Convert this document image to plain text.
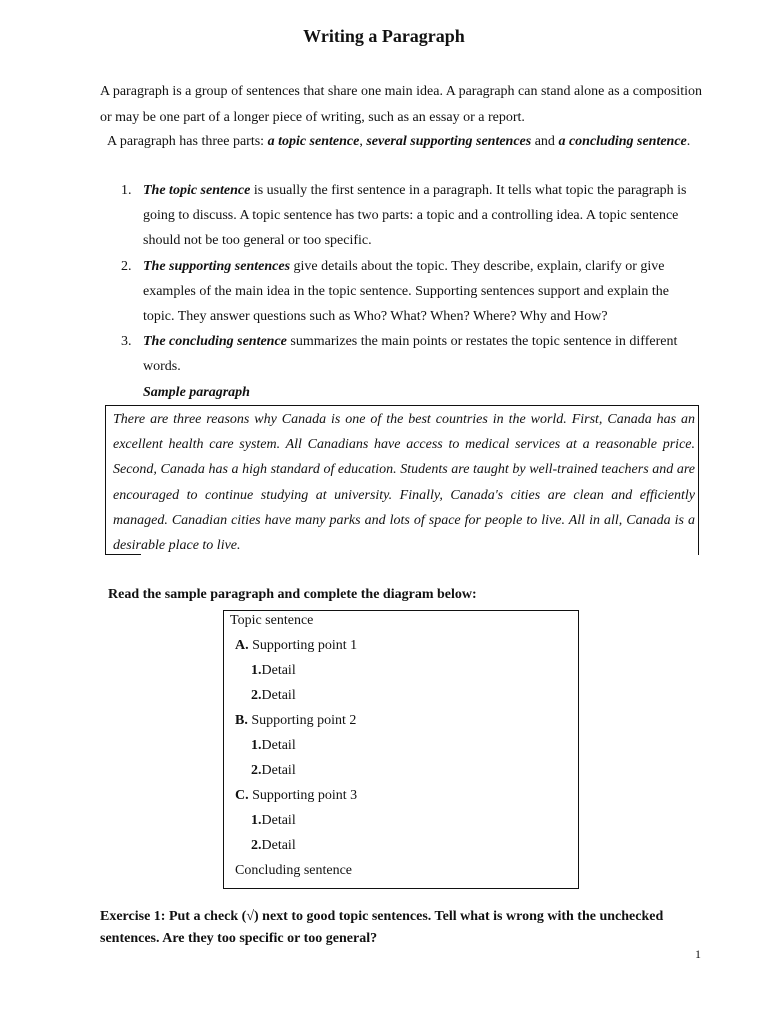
Writing a Paragraph
A paragraph is a group of sentences that share one main idea. A paragraph can stand alone as a composition or may be one part of a longer piece of writing, such as an essay or a report.
A paragraph has three parts: a topic sentence, several supporting sentences and a concluding sentence.
1. The topic sentence is usually the first sentence in a paragraph. It tells what topic the paragraph is going to discuss. A topic sentence has two parts: a topic and a controlling idea. A topic sentence should not be too general or too specific.
2. The supporting sentences give details about the topic. They describe, explain, clarify or give examples of the main idea in the topic sentence. Supporting sentences support and explain the topic. They answer questions such as Who? What? When? Where? Why and How?
3. The concluding sentence summarizes the main points or restates the topic sentence in different words.
Sample paragraph
There are three reasons why Canada is one of the best countries in the world. First, Canada has an excellent health care system. All Canadians have access to medical services at a reasonable price. Second, Canada has a high standard of education. Students are taught by well-trained teachers and are encouraged to continue studying at university. Finally, Canada's cities are clean and efficiently managed. Canadian cities have many parks and lots of space for people to live. All in all, Canada is a desirable place to live.
Read the sample paragraph and complete the diagram below:
Topic sentence
A. Supporting point 1
1.Detail
2.Detail
B. Supporting point 2
1.Detail
2.Detail
C. Supporting point 3
1.Detail
2.Detail
Concluding sentence
Exercise 1: Put a check (√) next to good topic sentences. Tell what is wrong with the unchecked sentences. Are they too specific or too general?
1
